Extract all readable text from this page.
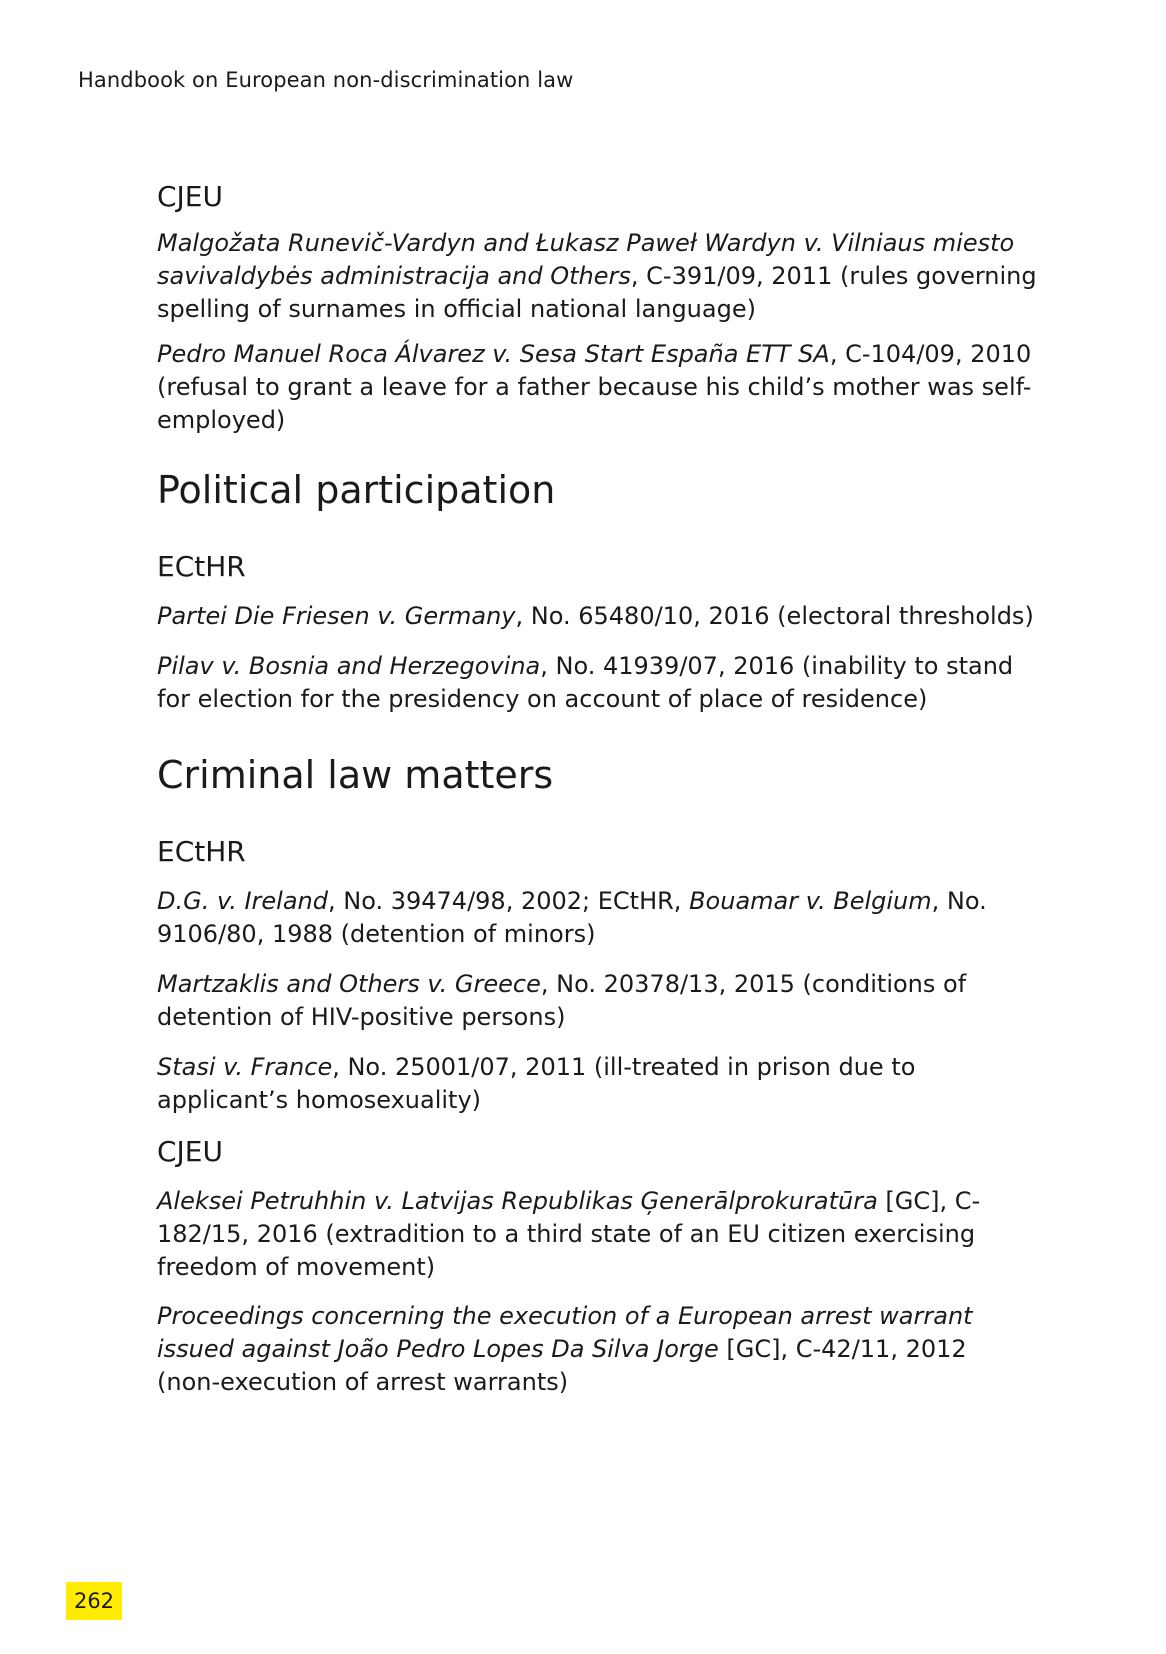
Handbook on European non-discrimination law
CJEU

Malgožata Runevič-Vardyn and Łukasz Paweł Wardyn v. Vilniaus miesto savivaldybės administracija and Others, C-391/09, 2011 (rules governing spelling of surnames in official national language)

Pedro Manuel Roca Álvarez v. Sesa Start España ETT SA, C-104/09, 2010 (refusal to grant a leave for a father because his child’s mother was self-employed)

Political participation
ECtHR

Partei Die Friesen v. Germany, No. 65480/10, 2016 (electoral thresholds)

Pilav v. Bosnia and Herzegovina, No. 41939/07, 2016 (inability to stand for election for the presidency on account of place of residence)

Criminal law matters
ECtHR

D.G. v. Ireland, No. 39474/98, 2002; ECtHR, Bouamar v. Belgium, No. 9106/80, 1988 (detention of minors)

Martzaklis and Others v. Greece, No. 20378/13, 2015 (conditions of detention of HIV-positive persons)

Stasi v. France, No. 25001/07, 2011 (ill-treated in prison due to applicant’s homosexuality)

CJEU

Aleksei Petruhhin v. Latvijas Republikas Ģenerālprokuratūra [GC], C-182/15, 2016 (extradition to a third state of an EU citizen exercising freedom of movement)

Proceedings concerning the execution of a European arrest warrant issued against João Pedro Lopes Da Silva Jorge [GC], C-42/11, 2012 (non-execution of arrest warrants)

262
